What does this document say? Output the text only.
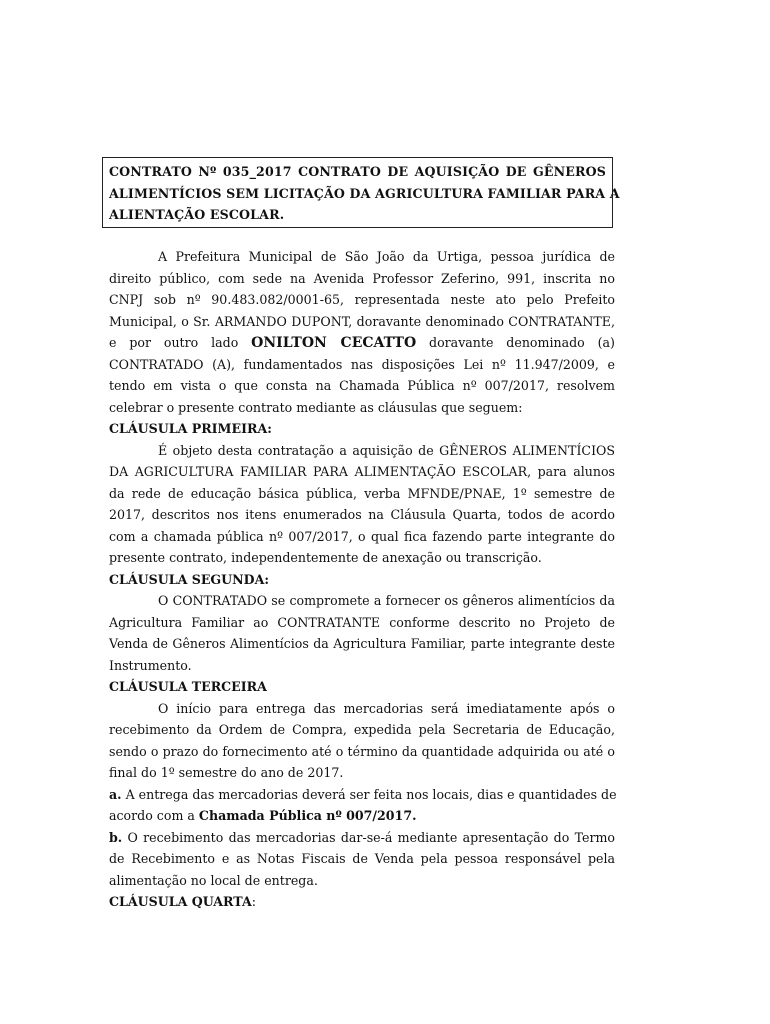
CONTRATO Nº 035_2017 CONTRATO DE AQUISIÇÃO DE GÊNEROS
ALIMENTÍCIOS SEM LICITAÇÃO DA AGRICULTURA FAMILIAR PARA A
ALIENTAÇÃO ESCOLAR.
A Prefeitura Municipal de São João da Urtiga, pessoa jurídica de
direito público, com sede na Avenida Professor Zeferino, 991, inscrita no
CNPJ sob nº 90.483.082/0001-65, representada neste ato pelo Prefeito
Municipal, o Sr. ARMANDO DUPONT, doravante denominado CONTRATANTE,
e por outro lado ONILTON CECATTO doravante denominado (a)
CONTRATADO (A), fundamentados nas disposições Lei nº 11.947/2009, e
tendo em vista o que consta na Chamada Pública nº 007/2017, resolvem
celebrar o presente contrato mediante as cláusulas que seguem:
CLÁUSULA PRIMEIRA:
É objeto desta contratação a aquisição de GÊNEROS ALIMENTÍCIOS
DA AGRICULTURA FAMILIAR PARA ALIMENTAÇÃO ESCOLAR, para alunos
da rede de educação básica pública, verba MFNDE/PNAE, 1º semestre de
2017, descritos nos itens enumerados na Cláusula Quarta, todos de acordo
com a chamada pública nº 007/2017, o qual fica fazendo parte integrante do
presente contrato, independentemente de anexação ou transcrição.
CLÁUSULA SEGUNDA:
O CONTRATADO se compromete a fornecer os gêneros alimentícios da
Agricultura Familiar ao CONTRATANTE conforme descrito no Projeto de
Venda de Gêneros Alimentícios da Agricultura Familiar, parte integrante deste
Instrumento.
CLÁUSULA TERCEIRA
O início para entrega das mercadorias será imediatamente após o
recebimento da Ordem de Compra, expedida pela Secretaria de Educação,
sendo o prazo do fornecimento até o término da quantidade adquirida ou até o
final do 1º semestre do ano de 2017.
a. A entrega das mercadorias deverá ser feita nos locais, dias e quantidades de
acordo com a Chamada Pública nº 007/2017.
b. O recebimento das mercadorias dar-se-á mediante apresentação do Termo
de Recebimento e as Notas Fiscais de Venda pela pessoa responsável pela
alimentação no local de entrega.
CLÁUSULA QUARTA:
